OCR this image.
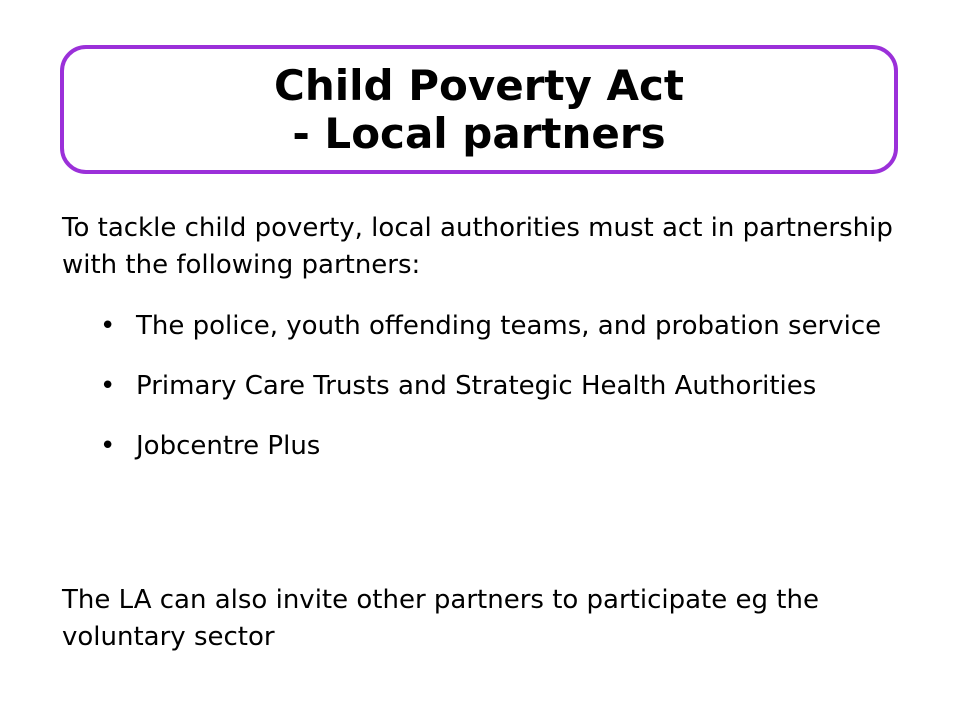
Child Poverty Act
- Local partners

To tackle child poverty, local authorities must act in partnership with the following partners:

• The police, youth offending teams, and probation service
• Primary Care Trusts and Strategic Health Authorities
• Jobcentre Plus

The LA can also invite other partners to participate eg the voluntary sector
